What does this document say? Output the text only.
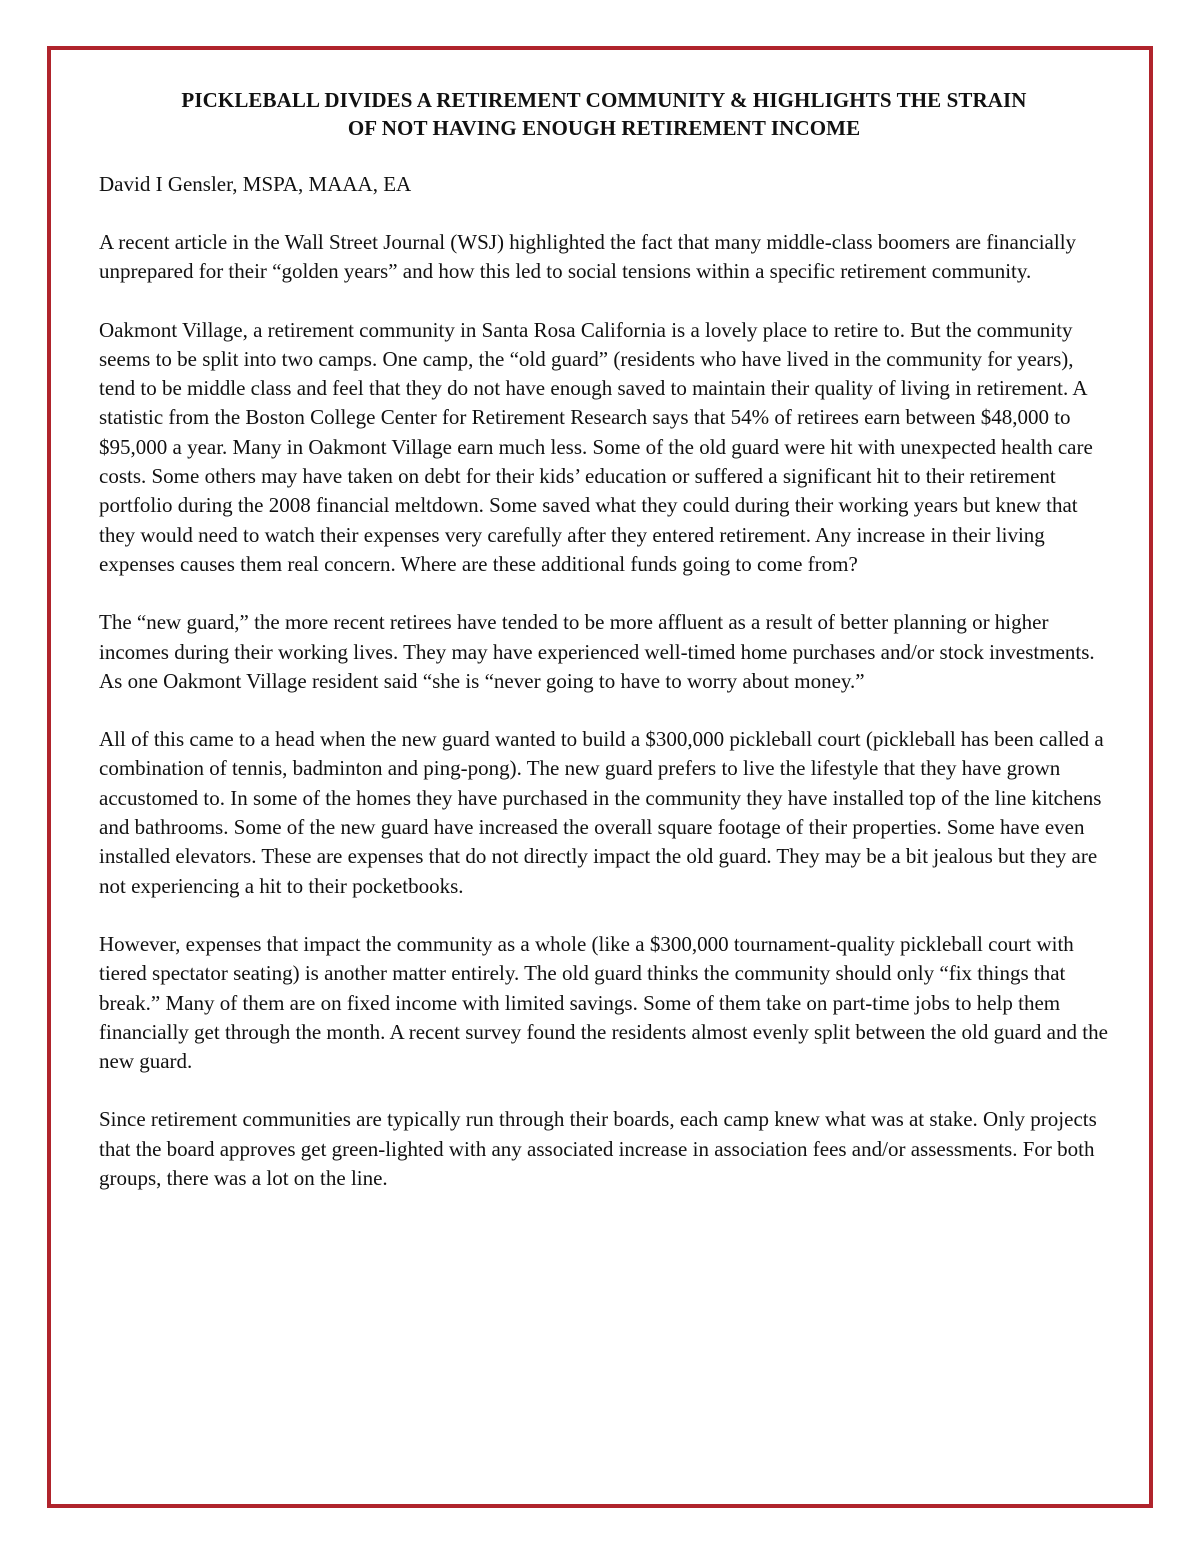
PICKLEBALL DIVIDES A RETIREMENT COMMUNITY & HIGHLIGHTS THE STRAIN
OF NOT HAVING ENOUGH RETIREMENT INCOME
David I Gensler, MSPA, MAAA, EA

A recent article in the Wall Street Journal (WSJ) highlighted the fact that many middle-class boomers are financially unprepared for their “golden years” and how this led to social tensions within a specific retirement community.

Oakmont Village, a retirement community in Santa Rosa California is a lovely place to retire to. But the community seems to be split into two camps. One camp, the “old guard” (residents who have lived in the community for years), tend to be middle class and feel that they do not have enough saved to maintain their quality of living in retirement. A statistic from the Boston College Center for Retirement Research says that 54% of retirees earn between $48,000 to $95,000 a year. Many in Oakmont Village earn much less. Some of the old guard were hit with unexpected health care costs. Some others may have taken on debt for their kids’ education or suffered a significant hit to their retirement portfolio during the 2008 financial meltdown. Some saved what they could during their working years but knew that they would need to watch their expenses very carefully after they entered retirement. Any increase in their living expenses causes them real concern. Where are these additional funds going to come from?

The “new guard,” the more recent retirees have tended to be more affluent as a result of better planning or higher incomes during their working lives. They may have experienced well-timed home purchases and/or stock investments. As one Oakmont Village resident said “she is “never going to have to worry about money.”

All of this came to a head when the new guard wanted to build a $300,000 pickleball court (pickleball has been called a combination of tennis, badminton and ping-pong). The new guard prefers to live the lifestyle that they have grown accustomed to. In some of the homes they have purchased in the community they have installed top of the line kitchens and bathrooms. Some of the new guard have increased the overall square footage of their properties. Some have even installed elevators. These are expenses that do not directly impact the old guard. They may be a bit jealous but they are not experiencing a hit to their pocketbooks.

However, expenses that impact the community as a whole (like a $300,000 tournament-quality pickleball court with tiered spectator seating) is another matter entirely. The old guard thinks the community should only “fix things that break.” Many of them are on fixed income with limited savings. Some of them take on part-time jobs to help them financially get through the month. A recent survey found the residents almost evenly split between the old guard and the new guard.

Since retirement communities are typically run through their boards, each camp knew what was at stake. Only projects that the board approves get green-lighted with any associated increase in association fees and/or assessments. For both groups, there was a lot on the line.
